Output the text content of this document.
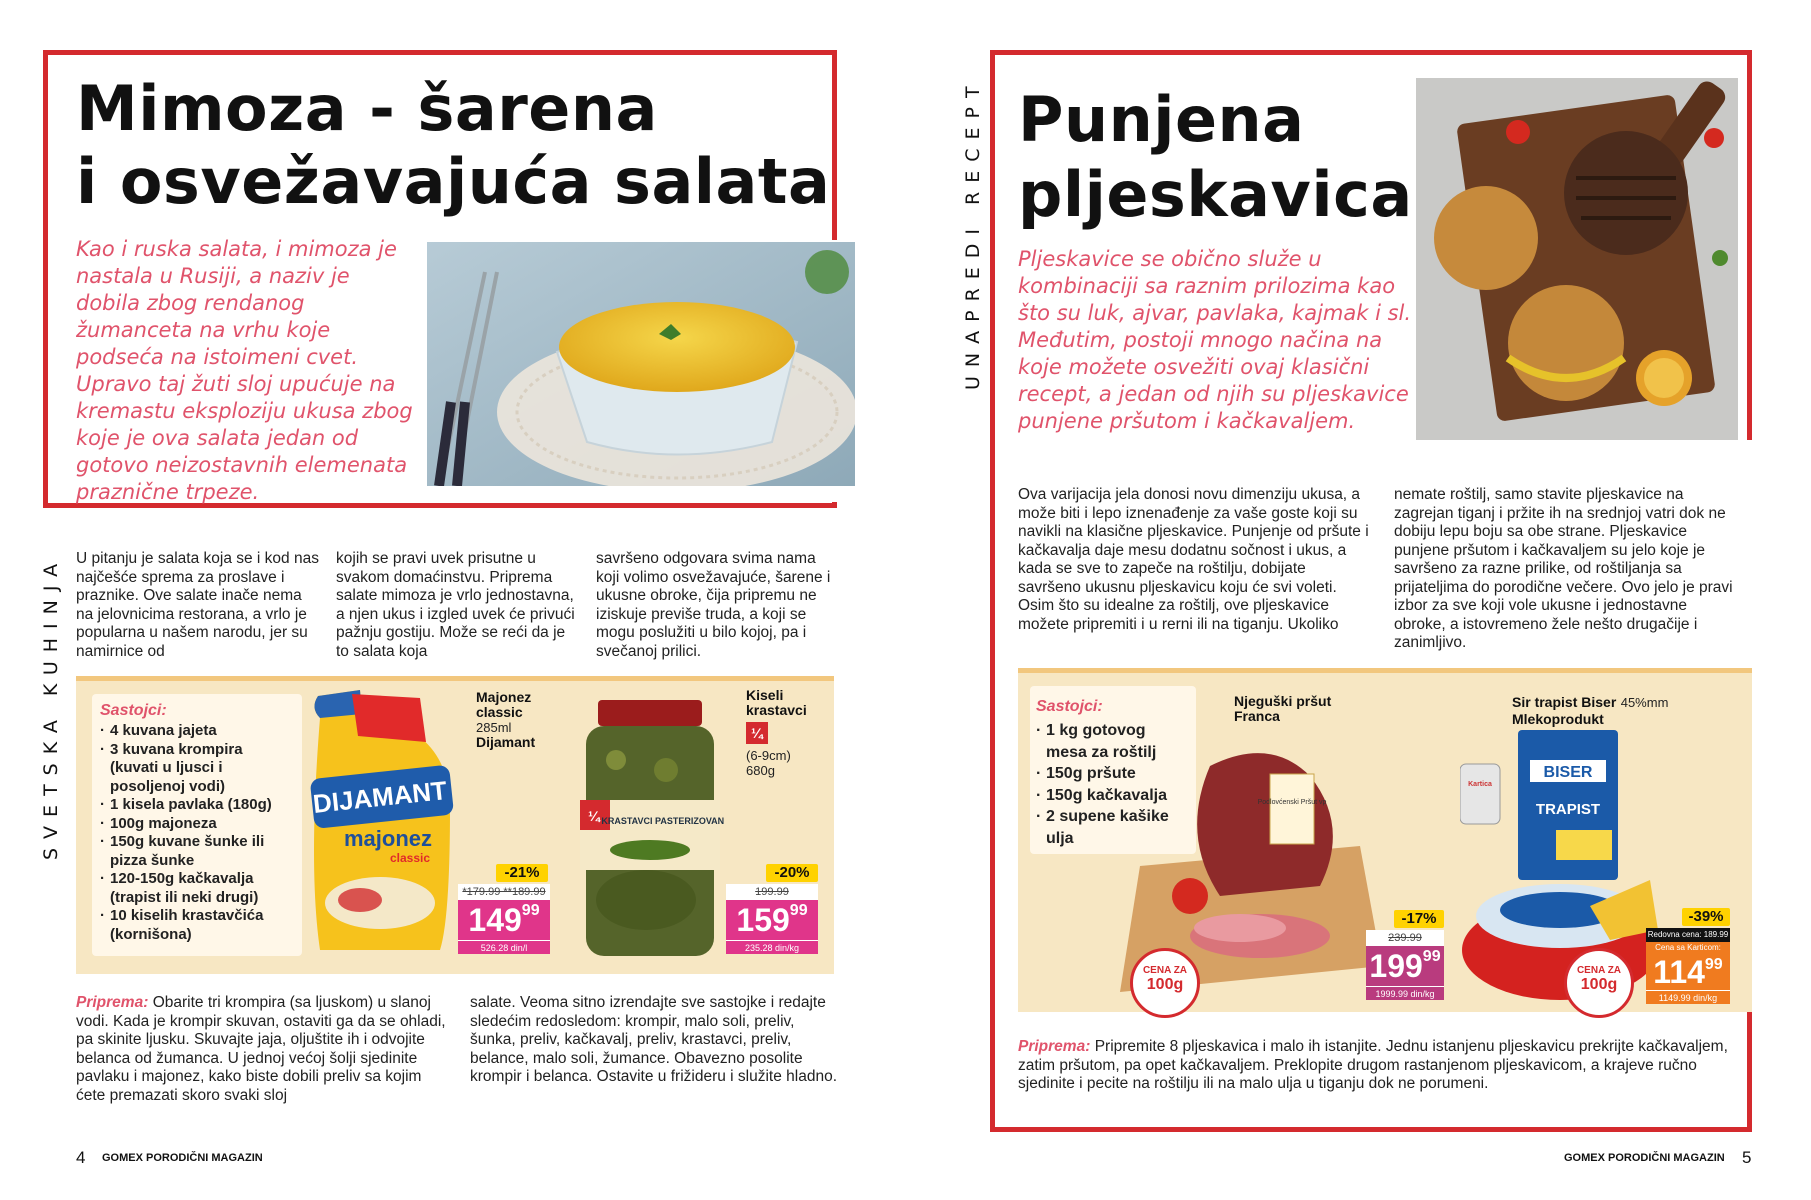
Mimoza - šarena
i osvežavajuća salata
Kao i ruska salata, i mimoza je nastala u Rusiji, a naziv je dobila zbog rendanog žumanceta na vrhu koje podseća na istoimeni cvet. Upravo taj žuti sloj upućuje na kremastu eksploziju ukusa zbog koje je ova salata jedan od gotovo neizostavnih elemenata praznične trpeze.
SVETSKA KUHINJA U pitanju je salata koja se i kod nas najčešće sprema za proslave i praznike. Ove salate inače nema na jelovnicima restorana, a vrlo je popularna u našem narodu, jer su namirnice od
kojih se pravi uvek prisutne u svakom domaćinstvu. Priprema salate mimoza je vrlo jednostavna, a njen ukus i izgled uvek će privući pažnju gostiju. Može se reći da je to salata koja
savršeno odgovara svima nama koji volimo osvežavajuće, šarene i ukusne obroke, čija pripremu ne iziskuje previše truda, a koji se mogu poslužiti u bilo kojoj, pa i svečanoj prilici.
Sastojci:
· 4 kuvana jajeta
· 3 kuvana krompira (kuvati u ljusci i posoljenoj vodi)
· 1 kisela pavlaka (180g)
· 100g majoneza
· 150g kuvane šunke ili pizza šunke
· 120-150g kačkavalja (trapist ili neki drugi)
· 10 kiselih krastavčića (kornišona)
DIJAMANT
majonez
classic
Majonez classic
285ml
Dijamant
-21%
*179.99 **189.99
$149^{99}$
526.28 din/l
¼ KRASTAVCI PASTERIZOVANI
Kiseli krastavci
¼
(6-9cm)
680g
-20%
199.99
$159^{99}$
235.28 din/kg
Priprema: Obarite tri krompira (sa ljuskom) u slanoj vodi. Kada je krompir skuvan, ostaviti ga da se ohladi, pa skinite ljusku. Skuvajte jaja, oljuštite ih i odvojite belanca od žumanca. U jednoj većoj šolji sjedinite pavlaku i majonez, kako biste dobili preliv sa kojim ćete premazati skoro svaki sloj
salate. Veoma sitno izrendajte sve sastojke i redajte sledećim redosledom: krompir, malo soli, preliv, šunka, preliv, kačkavalj, preliv, krastavci, preliv, belance, malo soli, žumance. Obavezno posolite krompir i belanca. Ostavite u frižideru i služite hladno.
4 GOMEX PORODIČNI MAGAZIN
UNAPREDI RECEPT Punjena
pljeskavica
Pljeskavice se obično služe u kombinaciji sa raznim prilozima kao što su luk, ajvar, pavlaka, kajmak i sl. Međutim, postoji mnogo načina na koje možete osvežiti ovaj klasični recept, a jedan od njih su pljeskavice punjene pršutom i kačkavaljem.
Ova varijacija jela donosi novu dimenziju ukusa, a može biti i lepo iznenađenje za vaše goste koji su navikli na klasične pljeskavice. Punjenje od pršute i kačkavalja daje mesu dodatnu sočnost i ukus, a kada se sve to zapeče na roštilju, dobijate savršeno ukusnu pljeskavicu koju će svi voleti. Osim što su idealne za roštilj, ove pljeskavice možete pripremiti i u rerni ili na tiganju. Ukoliko
nemate roštilj, samo stavite pljeskavice na zagrejan tiganj i pržite ih na srednjoj vatri dok ne dobiju lepu boju sa obe strane. Pljeskavice punjene pršutom i kačkavaljem su jelo koje je savršeno za razne prilike, od roštiljanja sa prijateljima do porodične večere. Ovo jelo je pravi izbor za sve koji vole ukusne i jednostavne obroke, a istovremeno žele nešto drugačije i zanimljivo.
Sastojci:
· 1 kg gotovog mesa za roštilj
· 150g pršute
· 150g kačkavalja
· 2 supene kašike ulja
Podlovćenski Pršut vp
Njeguški pršut
Franca
CENA ZA
100g
-17%
239.99
$199^{99}$
1999.99 din/kg
BISER
TRAPIST
Kartica
Sir trapist Biser 45%mm
Mlekoprodukt
CENA ZA
100g
-39%
Redovna cena: 189.99
Cena sa Karticom:
$114^{99}$
1149.99 din/kg
Priprema: Pripremite 8 pljeskavica i malo ih istanjite. Jednu istanjenu pljeskavicu prekrijte kačkavaljem, zatim pršutom, pa opet kačkavaljem. Preklopite drugom rastanjenom pljeskavicom, a krajeve ručno sjedinite i pecite na roštilju ili na malo ulja u tiganju dok ne porumeni.
GOMEX PORODIČNI MAGAZIN 5
